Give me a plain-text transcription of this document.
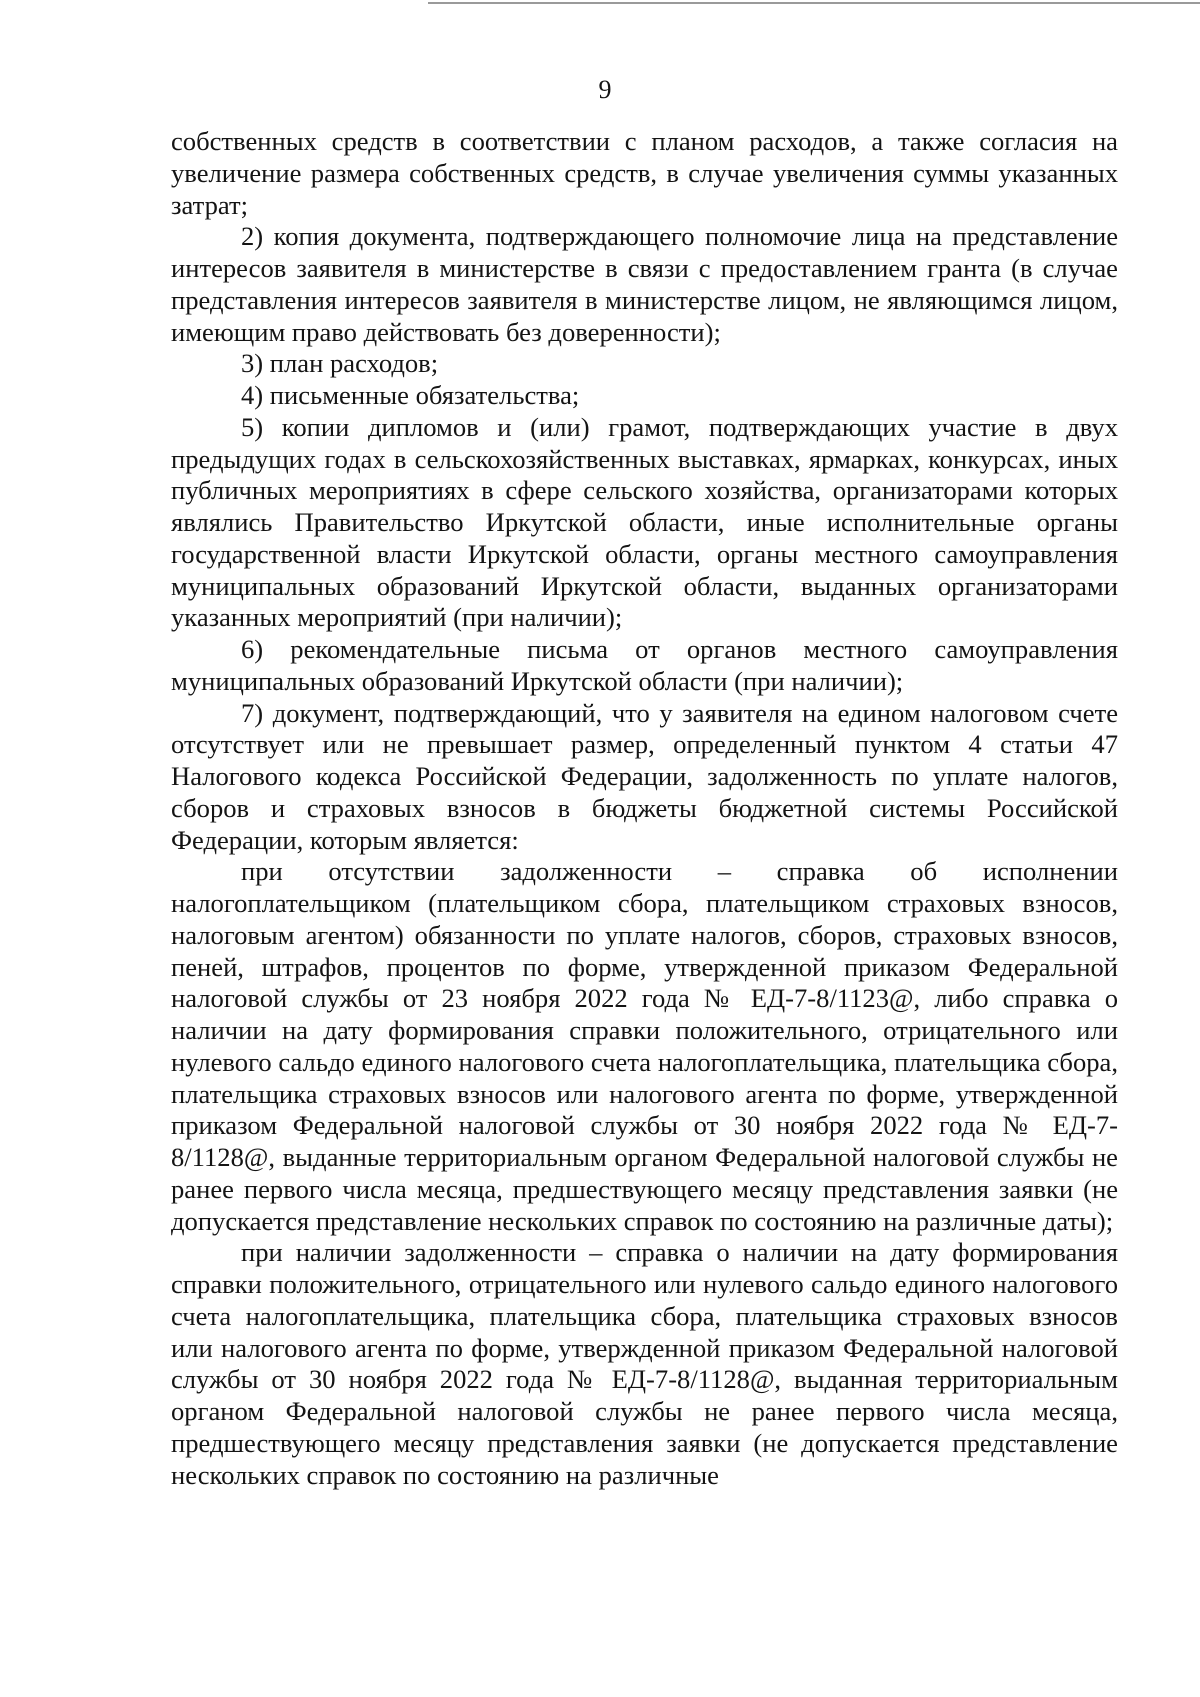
9

собственных средств в соответствии с планом расходов, а также согласия на увеличение размера собственных средств, в случае увеличения суммы указанных затрат;

2) копия документа, подтверждающего полномочие лица на представление интересов заявителя в министерстве в связи с предоставлением гранта (в случае представления интересов заявителя в министерстве лицом, не являющимся лицом, имеющим право действовать без доверенности);

3) план расходов;

4) письменные обязательства;

5) копии дипломов и (или) грамот, подтверждающих участие в двух предыдущих годах в сельскохозяйственных выставках, ярмарках, конкурсах, иных публичных мероприятиях в сфере сельского хозяйства, организаторами которых являлись Правительство Иркутской области, иные исполнительные органы государственной власти Иркутской области, органы местного самоуправления муниципальных образований Иркутской области, выданных организаторами указанных мероприятий (при наличии);

6) рекомендательные письма от органов местного самоуправления муниципальных образований Иркутской области (при наличии);

7) документ, подтверждающий, что у заявителя на едином налоговом счете отсутствует или не превышает размер, определенный пунктом 4 статьи 47 Налогового кодекса Российской Федерации, задолженность по уплате налогов, сборов и страховых взносов в бюджеты бюджетной системы Российской Федерации, которым является:

при отсутствии задолженности – справка об исполнении налогоплательщиком (плательщиком сбора, плательщиком страховых взносов, налоговым агентом) обязанности по уплате налогов, сборов, страховых взносов, пеней, штрафов, процентов по форме, утвержденной приказом Федеральной налоговой службы от 23 ноября 2022 года № ЕД-7-8/1123@, либо справка о наличии на дату формирования справки положительного, отрицательного или нулевого сальдо единого налогового счета налогоплательщика, плательщика сбора, плательщика страховых взносов или налогового агента по форме, утвержденной приказом Федеральной налоговой службы от 30 ноября 2022 года № ЕД-7-8/1128@, выданные территориальным органом Федеральной налоговой службы не ранее первого числа месяца, предшествующего месяцу представления заявки (не допускается представление нескольких справок по состоянию на различные даты);

при наличии задолженности – справка о наличии на дату формирования справки положительного, отрицательного или нулевого сальдо единого налогового счета налогоплательщика, плательщика сбора, плательщика страховых взносов или налогового агента по форме, утвержденной приказом Федеральной налоговой службы от 30 ноября 2022 года № ЕД-7-8/1128@, выданная территориальным органом Федеральной налоговой службы не ранее первого числа месяца, предшествующего месяцу представления заявки (не допускается представление нескольких справок по состоянию на различные
